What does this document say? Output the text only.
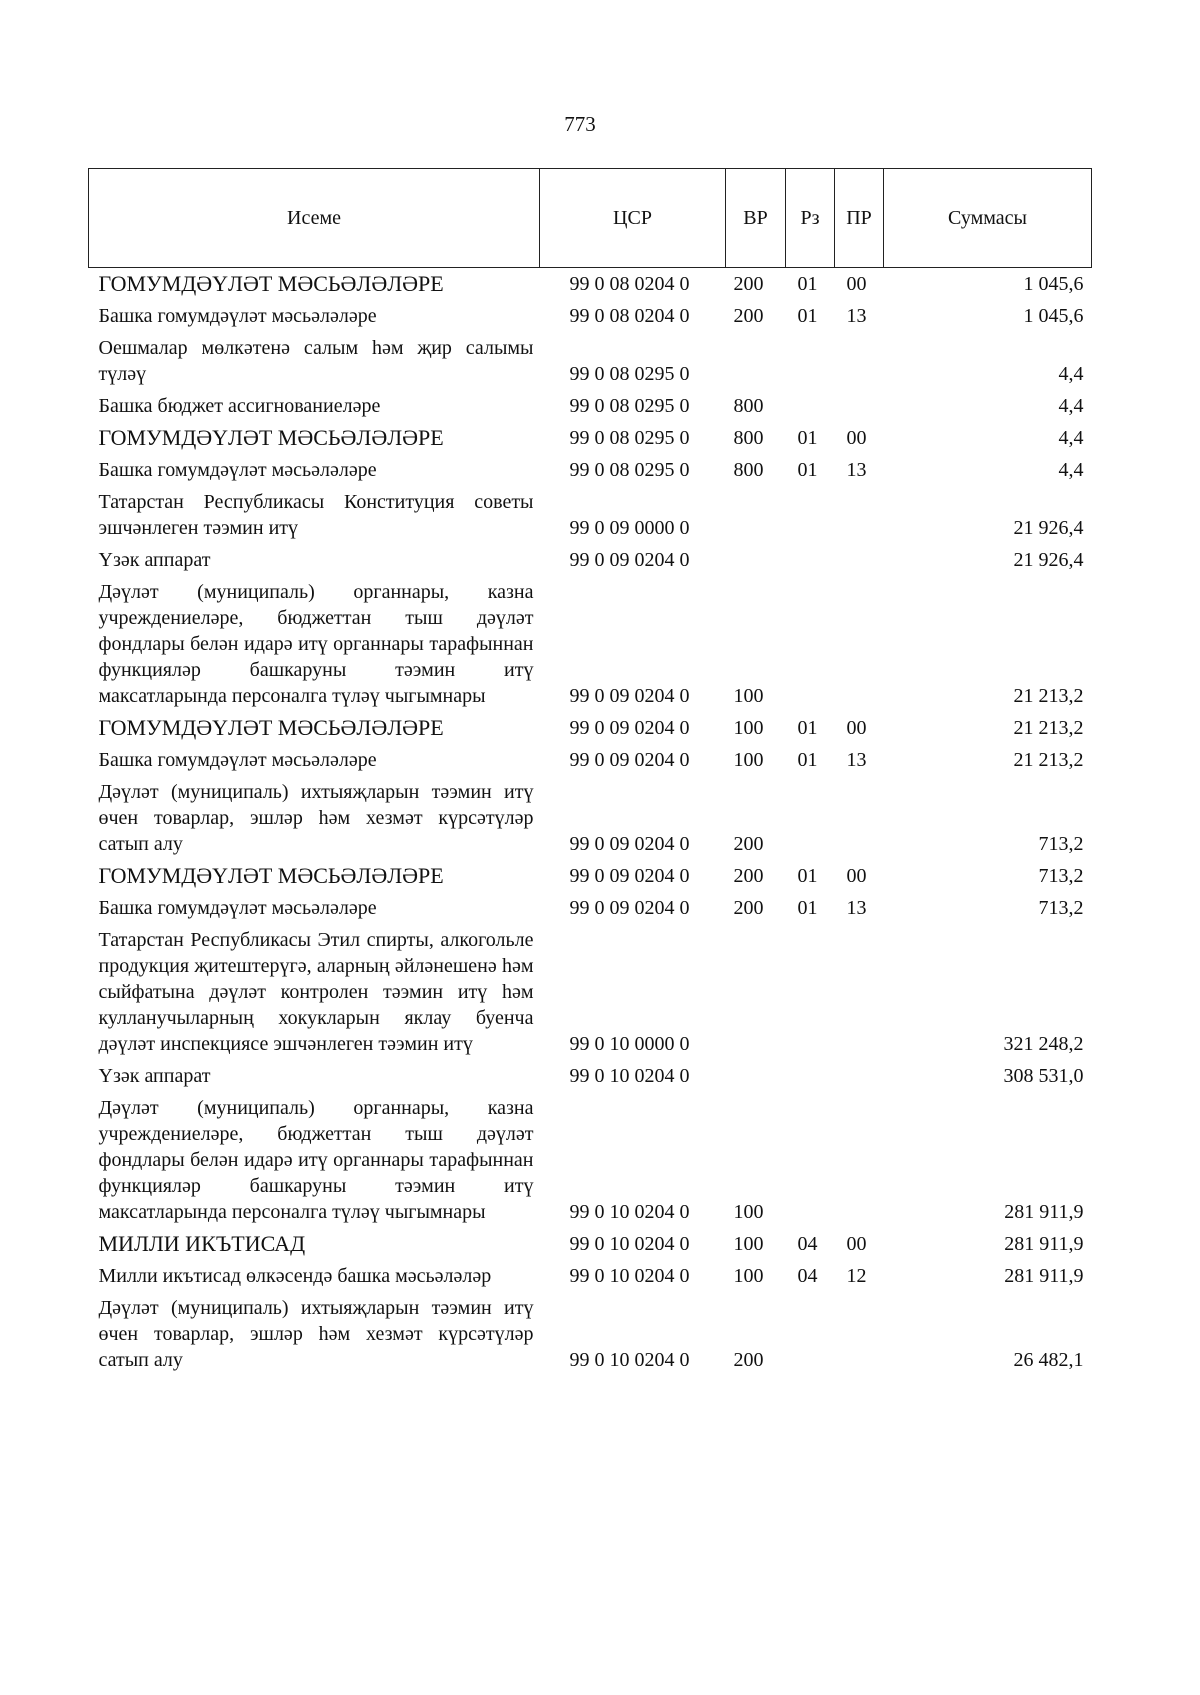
773
Исеме	ЦСР	ВР	Рз	ПР	Суммасы
ГОМУМДӘҮЛӘТ МӘСЬӘЛӘЛӘРЕ	99 0 08 0204 0	200	01	00	1 045,6
Башка гомумдәүләт мәсьәләләре	99 0 08 0204 0	200	01	13	1 045,6
Оешмалар мөлкәтенә салым һәм җир салымы түләү	99 0 08 0295 0				4,4
Башка бюджет ассигнованиеләре	99 0 08 0295 0	800			4,4
ГОМУМДӘҮЛӘТ МӘСЬӘЛӘЛӘРЕ	99 0 08 0295 0	800	01	00	4,4
Башка гомумдәүләт мәсьәләләре	99 0 08 0295 0	800	01	13	4,4
Татарстан Республикасы Конституция советы эшчәнлеген тәэмин итү	99 0 09 0000 0				21 926,4
Үзәк аппарат	99 0 09 0204 0				21 926,4
Дәүләт (муниципаль) органнары, казна учреждениеләре, бюджеттан тыш дәүләт фондлары белән идарә итү органнары тарафыннан функцияләр башкаруны тәэмин итү максатларында персоналга түләү чыгымнары	99 0 09 0204 0	100			21 213,2
ГОМУМДӘҮЛӘТ МӘСЬӘЛӘЛӘРЕ	99 0 09 0204 0	100	01	00	21 213,2
Башка гомумдәүләт мәсьәләләре	99 0 09 0204 0	100	01	13	21 213,2
Дәүләт (муниципаль) ихтыяҗларын тәэмин итү өчен товарлар, эшләр һәм хезмәт күрсәтүләр сатып алу	99 0 09 0204 0	200			713,2
ГОМУМДӘҮЛӘТ МӘСЬӘЛӘЛӘРЕ	99 0 09 0204 0	200	01	00	713,2
Башка гомумдәүләт мәсьәләләре	99 0 09 0204 0	200	01	13	713,2
Татарстан Республикасы Этил спирты, алкогольле продукция җитештерүгә, аларның әйләнешенә һәм сыйфатына дәүләт контролен тәэмин итү һәм кулланучыларның хокукларын яклау буенча дәүләт инспекциясе эшчәнлеген тәэмин итү	99 0 10 0000 0				321 248,2
Үзәк аппарат	99 0 10 0204 0				308 531,0
Дәүләт (муниципаль) органнары, казна учреждениеләре, бюджеттан тыш дәүләт фондлары белән идарә итү органнары тарафыннан функцияләр башкаруны тәэмин итү максатларында персоналга түләү чыгымнары	99 0 10 0204 0	100			281 911,9
МИЛЛИ ИКЪТИСАД	99 0 10 0204 0	100	04	00	281 911,9
Милли икътисад өлкәсендә башка мәсьәләләр	99 0 10 0204 0	100	04	12	281 911,9
Дәүләт (муниципаль) ихтыяҗларын тәэмин итү өчен товарлар, эшләр һәм хезмәт күрсәтүләр сатып алу	99 0 10 0204 0	200			26 482,1
